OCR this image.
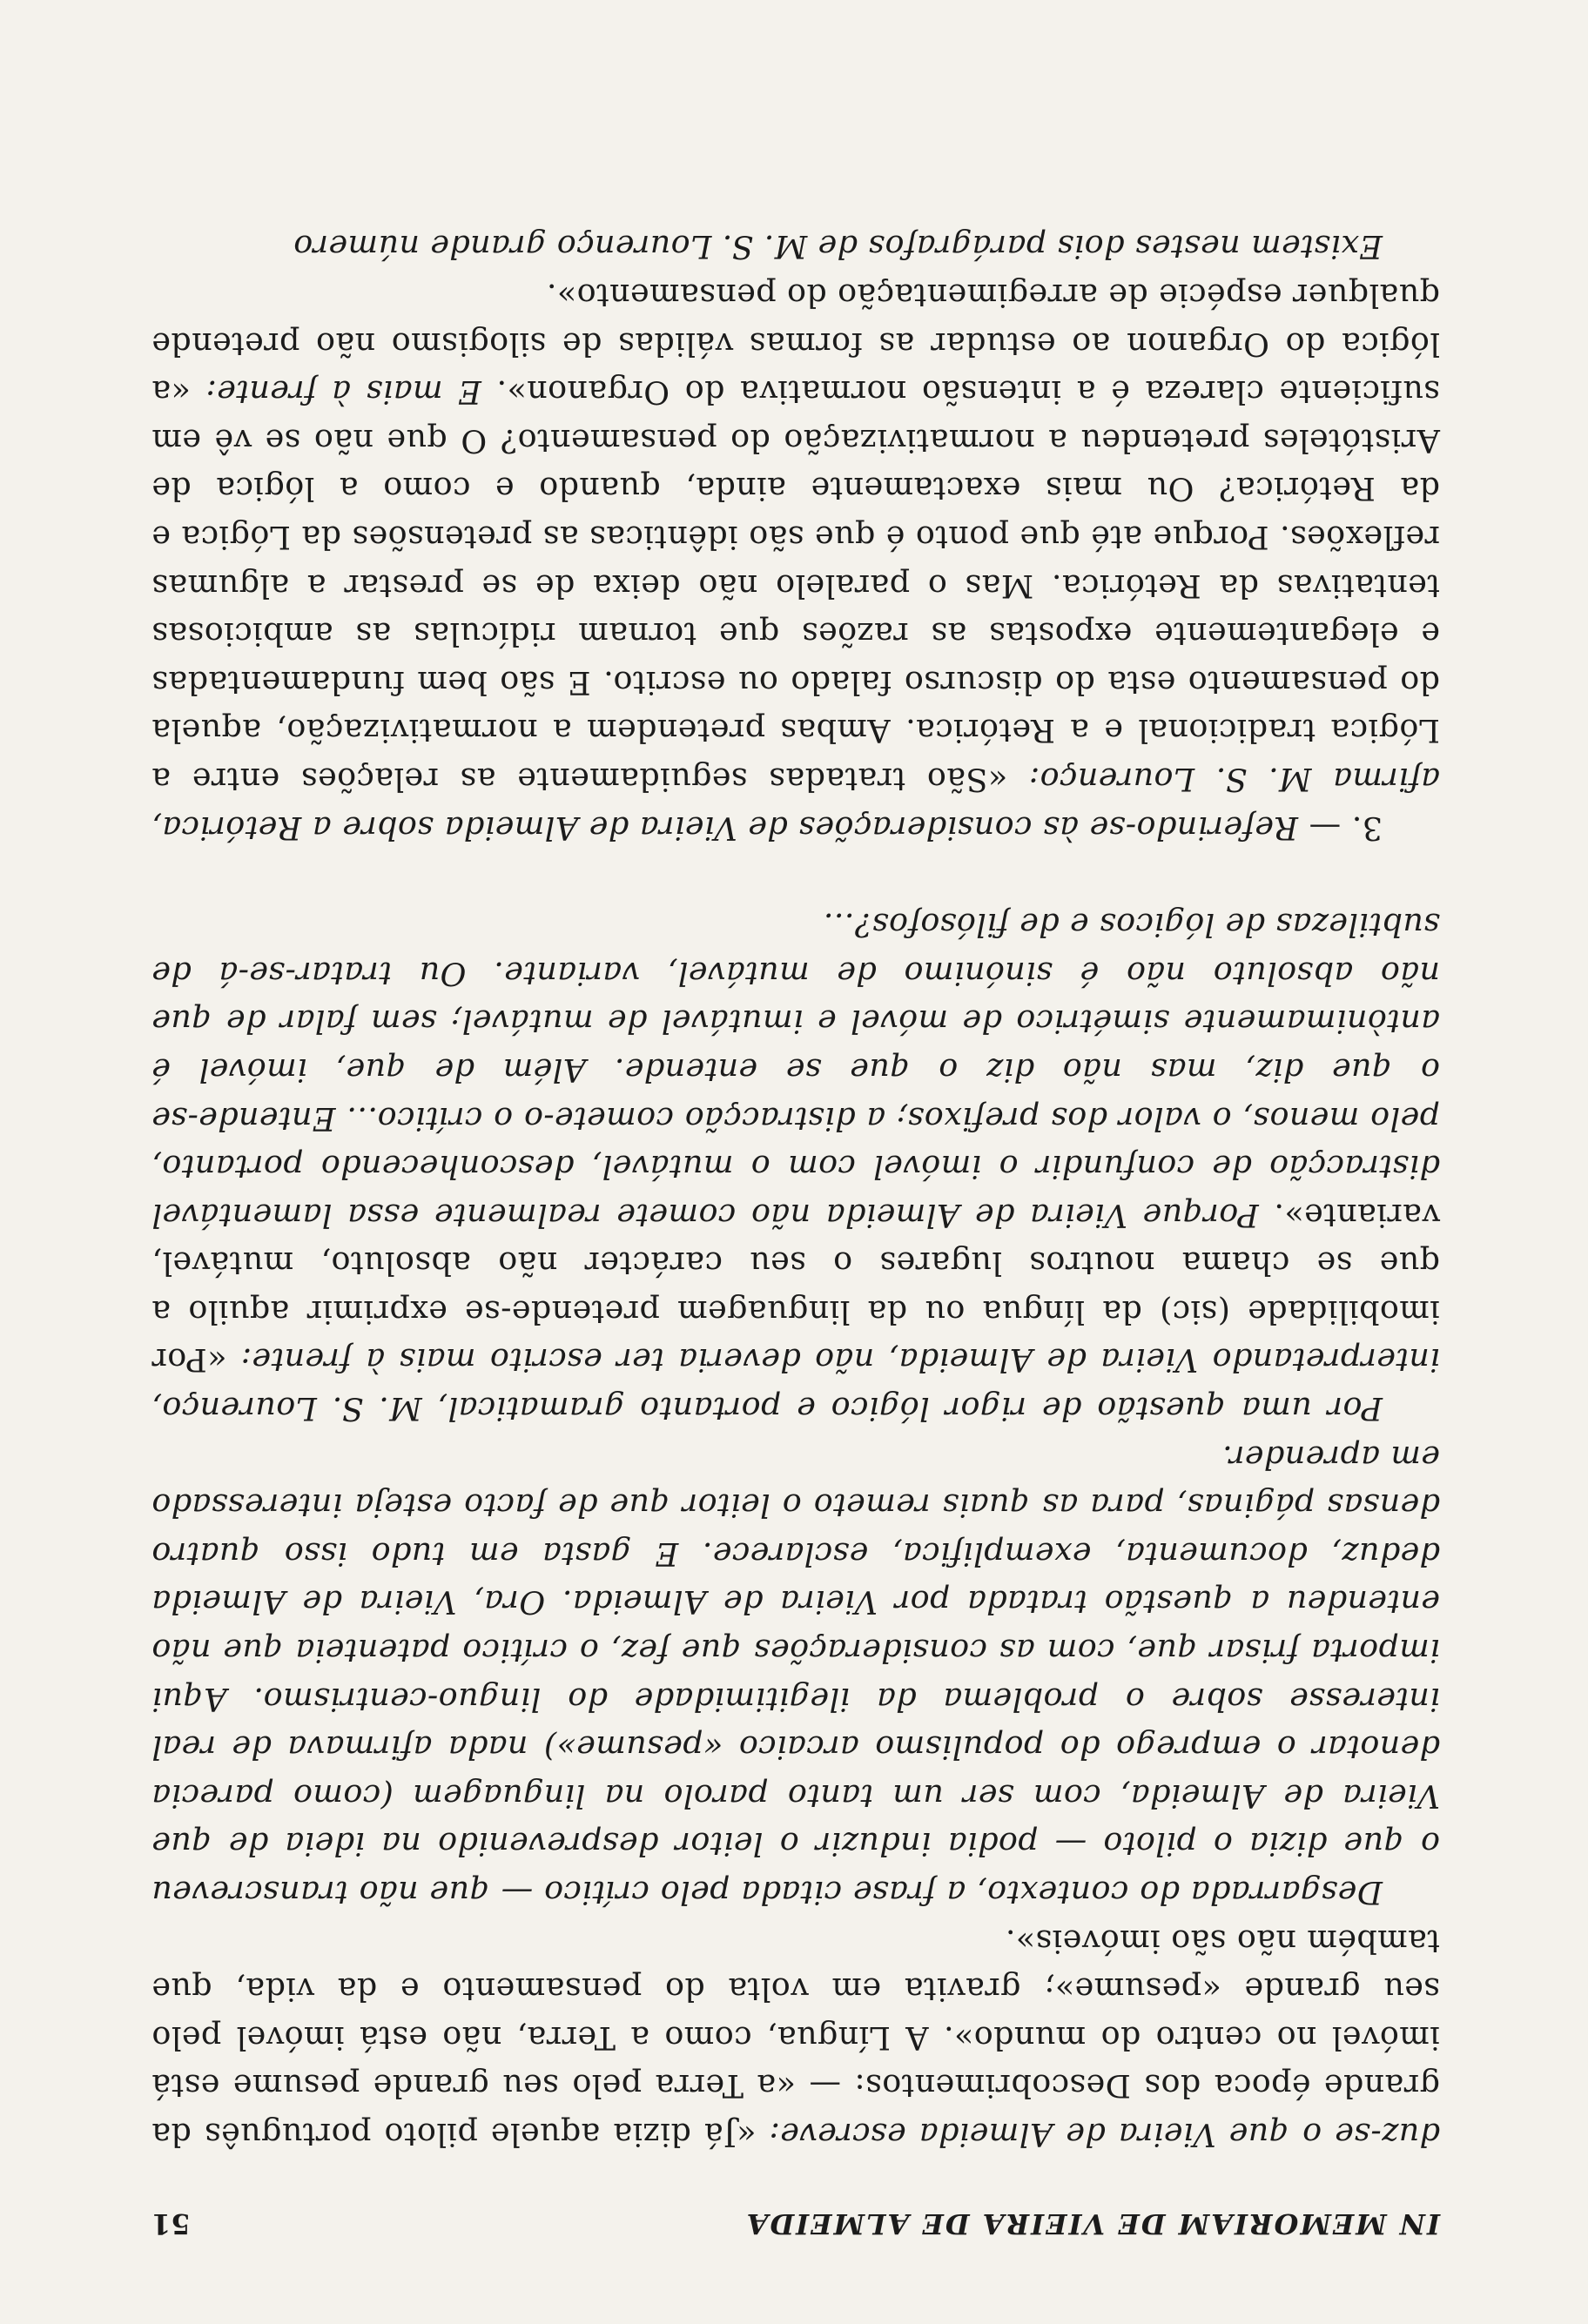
IN MEMORIAM DE VIEIRA DE ALMEIDA
51

duz-se o que Vieira de Almeida escreve: «Já dizia aquele piloto português da grande época dos Descobrimentos: — «a Terra pelo seu grande pesume está imóvel no centro do mundo». A Língua, como a Terra, não está imóvel pelo seu grande «pesume»; gravita em volta do pensamento e da vida, que também não são imóveis».

Desgarrada do contexto, a frase citada pelo crítico — que não transcreveu o que dizia o piloto — podia induzir o leitor desprevenido na ideia de que Vieira de Almeida, com ser um tanto parolo na linguagem (como parecia denotar o emprego do populismo arcaico «pesume») nada afirmava de real interesse sobre o problema da ilegitimidade do linguo-centrismo. Aqui importa frisar que, com as considerações que fez, o crítico patenteia que não entendeu a questão tratada por Vieira de Almeida. Ora, Vieira de Almeida deduz, documenta, exemplifica, esclarece. E gasta em tudo isso quatro densas páginas, para as quais remeto o leitor que de facto esteja interessado em aprender.

Por uma questão de rigor lógico e portanto gramatical, M. S. Lourenço, interpretando Vieira de Almeida, não deveria ter escrito mais à frente: «Por imobilidade (sic) da língua ou da linguagem pretende-se exprimir aquilo a que se chama noutros lugares o seu carácter não absoluto, mutável, variante». Porque Vieira de Almeida não comete realmente essa lamentável distracção de confundir o imóvel com o mutável, desconhecendo portanto, pelo menos, o valor dos prefixos; a distracção comete-o o crítico... Entende-se o que diz, mas não diz o que se entende. Além de que, imóvel é antònimamente simétrico de móvel e imutável de mutável; sem falar de que não absoluto não é sinónimo de mutável, variante. Ou tratar-se-á de subtilezas de lógicos e de filósofos?...

3. — Referindo-se às considerações de Vieira de Almeida sobre a Retórica, afirma M. S. Lourenço: «São tratadas seguidamente as relações entre a Lógica tradicional e a Retórica. Ambas pretendem a normativização, aquela do pensamento esta do discurso falado ou escrito. E são bem fundamentadas e elegantemente expostas as razões que tornam ridículas as ambiciosas tentativas da Retórica. Mas o paralelo não deixa de se prestar a algumas reflexões. Porque até que ponto é que são idênticas as pretensões da Lógica e da Retórica? Ou mais exactamente ainda, quando e como a lógica de Aristóteles pretendeu a normativização do pensamento? O que não se vê em suficiente clareza é a intensão normativa do Organon». E mais à frente: «a lógica do Organon ao estudar as formas válidas de silogismo não pretende qualquer espécie de arregimentação do pensamento».

Existem nestes dois parágrafos de M. S. Lourenço grande número
